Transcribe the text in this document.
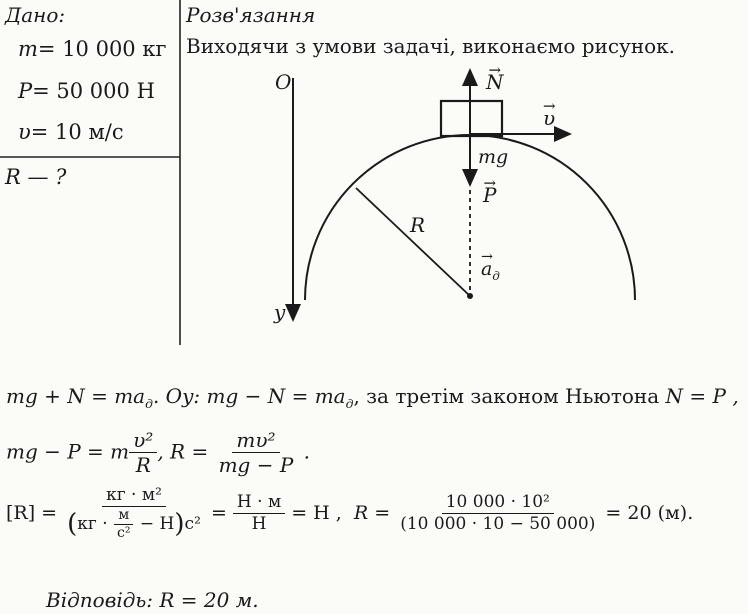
Дано:
m= 10 000 кг
P= 50 000 Н
υ= 10 м/с
R — ?
Розв'язання
Виходячи з умови задачі, виконаємо рисунок.
O
y
→ N
→ υ
mg
→ P
R
→ $a_д$
mg + $N = ma_д$. Oy: mg − $N = ma_д$, за третім законом Ньютона N = P ,
mg − P = m $\frac{\text{υ²}}{R}$ , $R = \frac{\text{mυ²}}{mg - P}$ .
$[R] = \frac{\text{кг · м²}}{(кг \cdot \frac{м}{\text{с²}} - Н)с^2} = \frac{Н \cdot м}{Н} = Н$ , $R = \frac{\text{10 000 · 10²}}{(10 000 \cdot 10 - 50 000)} = 20$ (м).
Відповідь: R = 20 м.
